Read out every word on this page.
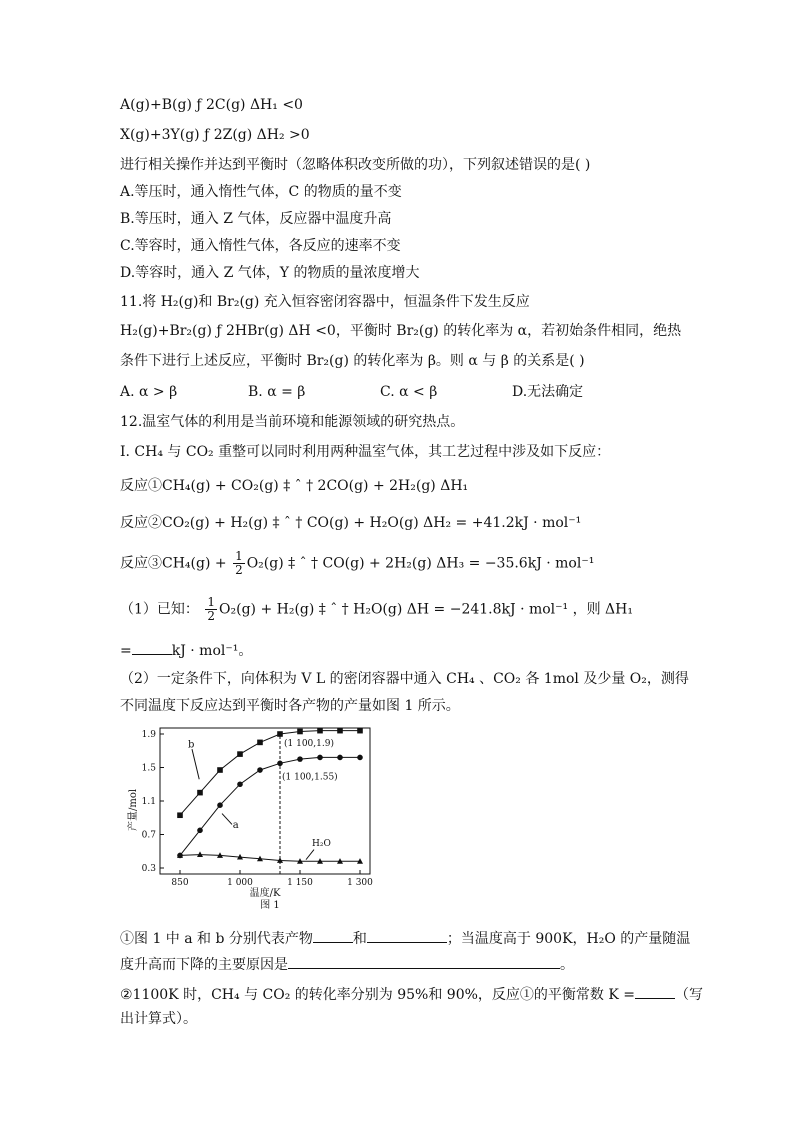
A(g)+B(g) ƒ 2C(g) ΔH₁ <0
X(g)+3Y(g) ƒ 2Z(g) ΔH₂ >0
进行相关操作并达到平衡时（忽略体积改变所做的功），下列叙述错误的是( )
A.等压时，通入惰性气体，C 的物质的量不变
B.等压时，通入 Z 气体，反应器中温度升高
C.等容时，通入惰性气体，各反应的速率不变
D.等容时，通入 Z 气体，Y 的物质的量浓度增大
11.将 H₂(g)和 Br₂(g) 充入恒容密闭容器中，恒温条件下发生反应
H₂(g)+Br₂(g) ƒ 2HBr(g) ΔH <0，平衡时 Br₂(g) 的转化率为 α，若初始条件相同，绝热
条件下进行上述反应，平衡时 Br₂(g) 的转化率为 β。则 α 与 β 的关系是( )
A. α > β	B. α = β	C. α < β	D.无法确定
12.温室气体的利用是当前环境和能源领域的研究热点。
Ⅰ. CH₄ 与 CO₂ 重整可以同时利用两种温室气体，其工艺过程中涉及如下反应：
反应①CH₄(g) + CO₂(g) ‡ ˆ † 2CO(g) + 2H₂(g) ΔH₁
反应②CO₂(g) + H₂(g) ‡ ˆ † CO(g) + H₂O(g) ΔH₂ = +41.2kJ · mol⁻¹
反应③CH₄(g) + $\frac{1}{2} O_2(g)$ ‡ ˆ † CO(g) + 2H₂(g) ΔH₃ = −35.6kJ · mol⁻¹
（1）已知： $\frac{1}{2} O_2(g) + H_2(g)$ ‡ ˆ † H₂O(g) ΔH = −241.8kJ · mol⁻¹ ，则 ΔH₁
=	kJ · mol⁻¹。
（2）一定条件下，向体积为 V L 的密闭容器中通入 CH₄ 、CO₂ 各 1mol 及少量 O₂，测得
不同温度下反应达到平衡时各产物的产量如图 1 所示。
0.3
0.7
1.1
1.5
1.9
850	1 000	1 150	1 300
b
a
H₂O
(1 100,1.9)
(1 100,1.55)
产量/mol
温度/K
图 1
①图 1 中 a 和 b 分别代表产物	和	；当温度高于 900K，H₂O 的产量随温
度升高而下降的主要原因是	。
②1100K 时，CH₄ 与 CO₂ 的转化率分别为 95%和 90%，反应①的平衡常数 K =	（写
出计算式）。
